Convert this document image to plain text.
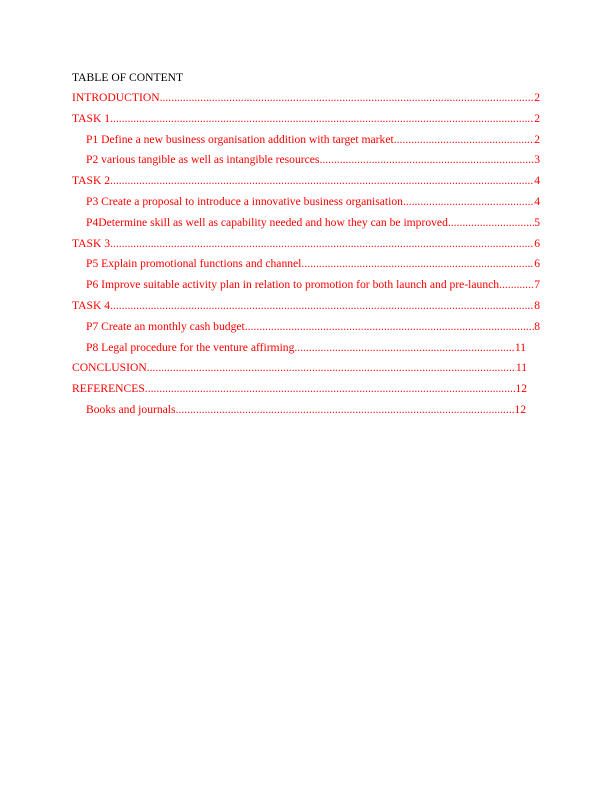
TABLE OF CONTENT
INTRODUCTION .....	2
TASK 1 .....	2
P1 Define a new business organisation addition with target market .....	2
P2 various tangible as well as intangible resources .....	3
TASK 2 .....	4
P3 Create a proposal to introduce a innovative business organisation .....	4
P4Determine skill as well as capability needed and how they can be improved .....	5
TASK 3 .....	6
P5 Explain promotional functions and channel .....	6
P6 Improve suitable activity plan in relation to promotion for both launch and pre-launch .....	7
TASK 4 .....	8
P7 Create an monthly cash budget .....	8
P8 Legal procedure for the venture affirming .....	11
CONCLUSION .....	11
REFERENCES .....	12
Books and journals .....	12
